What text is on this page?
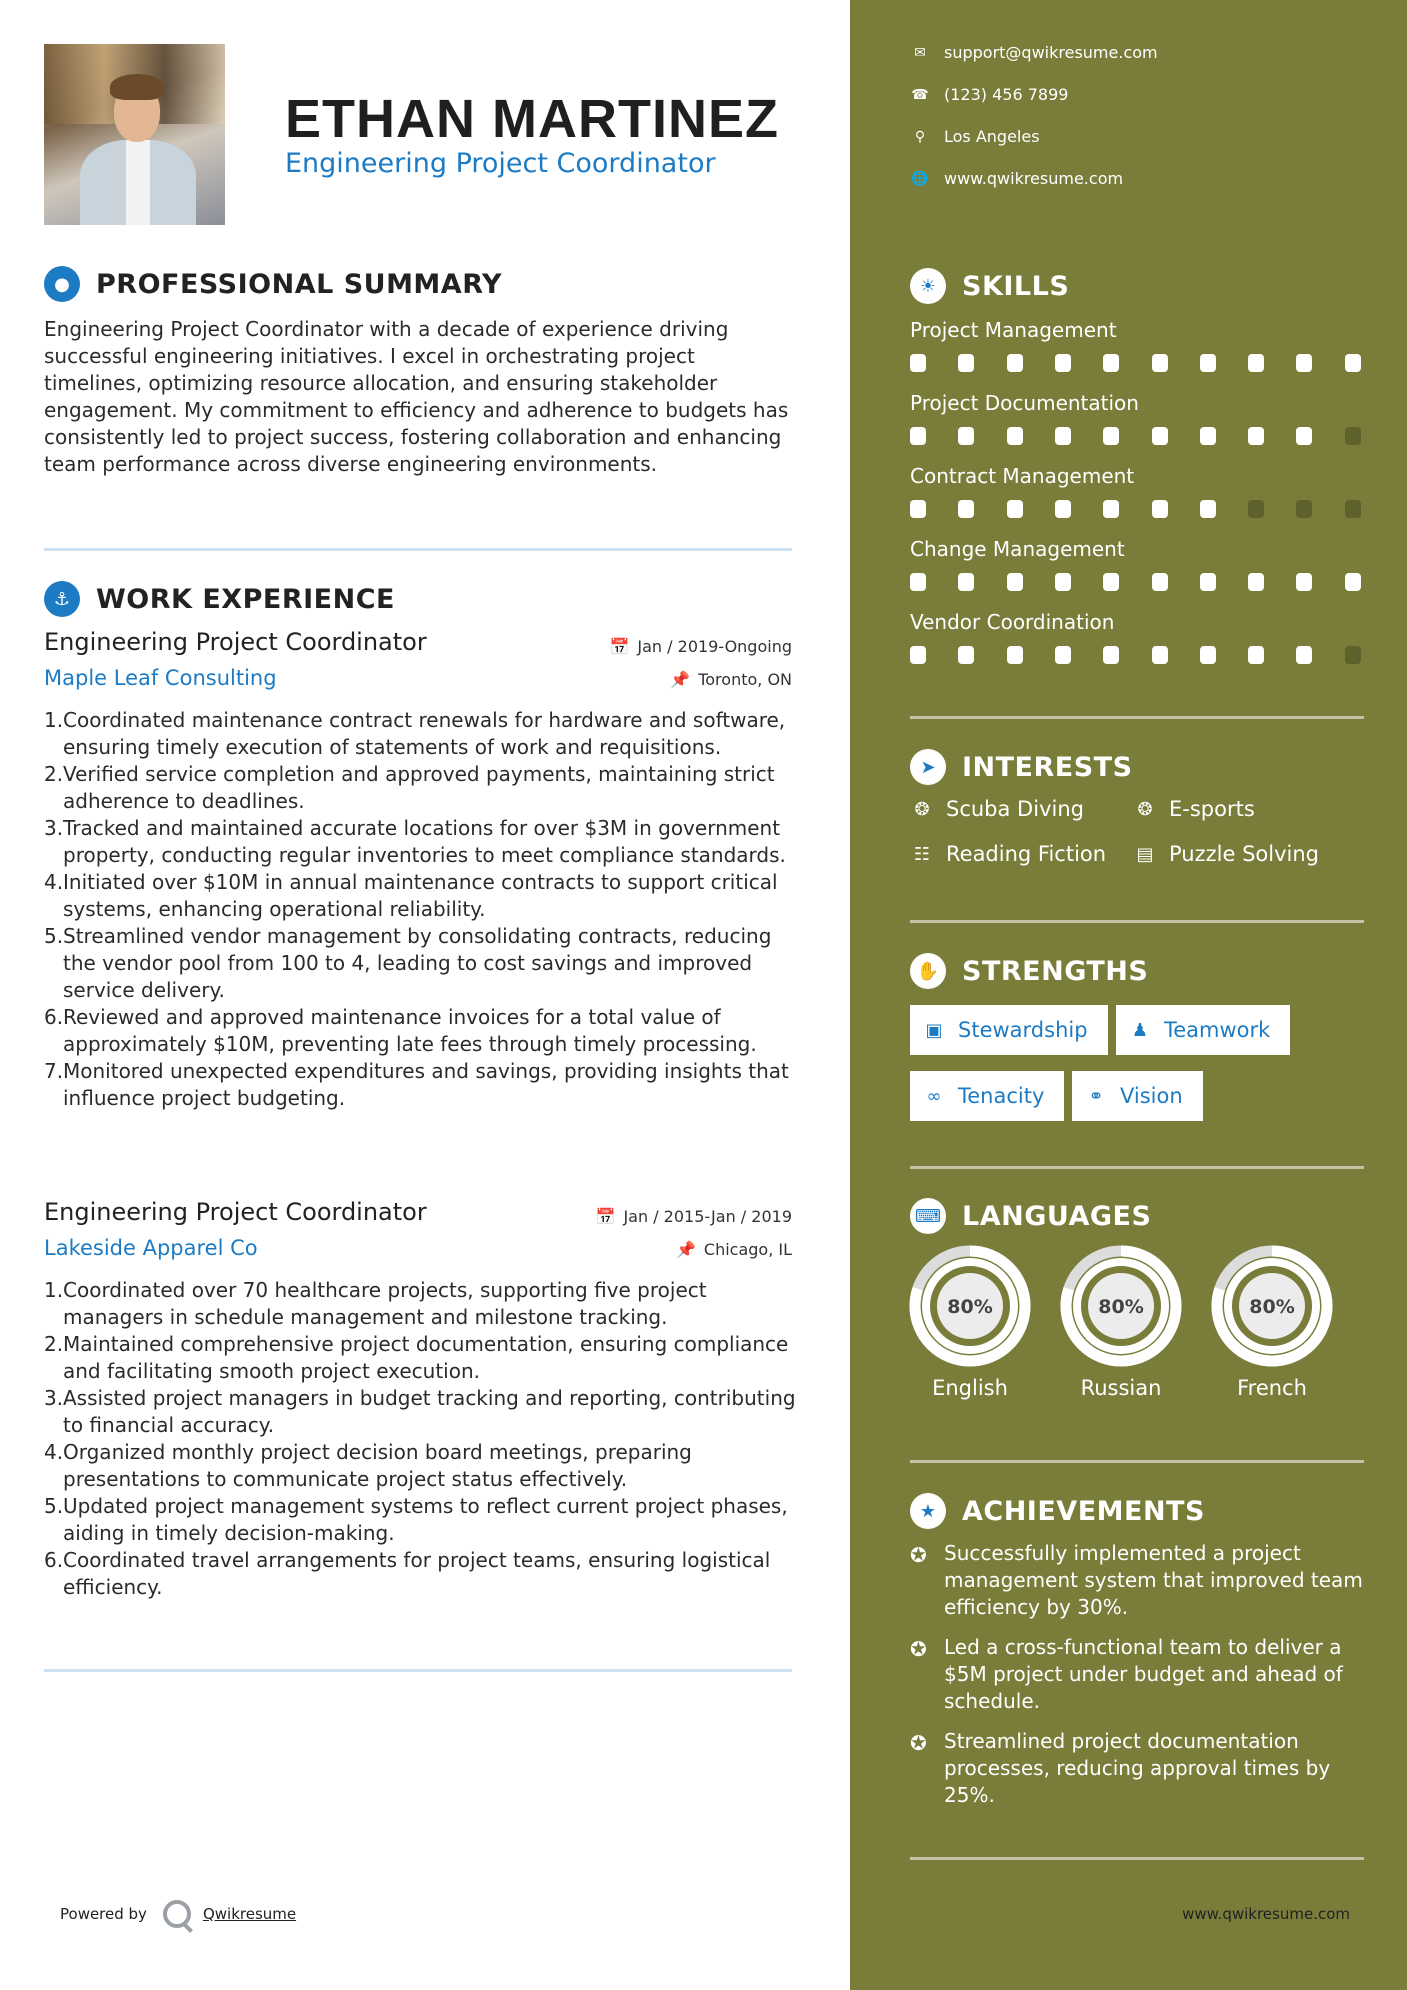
ETHAN MARTINEZ
Engineering Project Coordinator
● PROFESSIONAL SUMMARY
Engineering Project Coordinator with a decade of experience driving successful engineering initiatives. I excel in orchestrating project timelines, optimizing resource allocation, and ensuring stakeholder engagement. My commitment to efficiency and adherence to budgets has consistently led to project success, fostering collaboration and enhancing team performance across diverse engineering environments.
⚓ WORK EXPERIENCE
Engineering Project Coordinator	📅 Jan / 2019-Ongoing
Maple Leaf Consulting	📌 Toronto, ON
1. Coordinated maintenance contract renewals for hardware and software, ensuring timely execution of statements of work and requisitions.
2. Verified service completion and approved payments, maintaining strict adherence to deadlines.
3. Tracked and maintained accurate locations for over $3M in government property, conducting regular inventories to meet compliance standards.
4. Initiated over $10M in annual maintenance contracts to support critical systems, enhancing operational reliability.
5. Streamlined vendor management by consolidating contracts, reducing the vendor pool from 100 to 4, leading to cost savings and improved service delivery.
6. Reviewed and approved maintenance invoices for a total value of approximately $10M, preventing late fees through timely processing.
7. Monitored unexpected expenditures and savings, providing insights that influence project budgeting.
Engineering Project Coordinator	📅 Jan / 2015-Jan / 2019
Lakeside Apparel Co	📌 Chicago, IL
1. Coordinated over 70 healthcare projects, supporting five project managers in schedule management and milestone tracking.
2. Maintained comprehensive project documentation, ensuring compliance and facilitating smooth project execution.
3. Assisted project managers in budget tracking and reporting, contributing to financial accuracy.
4. Organized monthly project decision board meetings, preparing presentations to communicate project status effectively.
5. Updated project management systems to reflect current project phases, aiding in timely decision-making.
6. Coordinated travel arrangements for project teams, ensuring logistical efficiency.
Powered by	Qwikresume
✉ support@qwikresume.com
☎ (123) 456 7899
⚲	Los Angeles
🌐 www.qwikresume.com
☀ SKILLS
Project Management
Project Documentation
Contract Management
Change Management
Vendor Coordination
➤ INTERESTS
❂ Scuba Diving	❂ E-sports
☷ Reading Fiction ▤ Puzzle Solving
✋ STRENGTHS
▣ Stewardship ♟ Teamwork
∞ Tenacity ⚭ Vision
⌨ LANGUAGES
80%
English
80%
Russian
80%
French
★ ACHIEVEMENTS
✪ Successfully implemented a project management system that improved team efficiency by 30%.
✪ Led a cross-functional team to deliver a $5M project under budget and ahead of schedule.
✪ Streamlined project documentation processes, reducing approval times by 25%.
www.qwikresume.com
